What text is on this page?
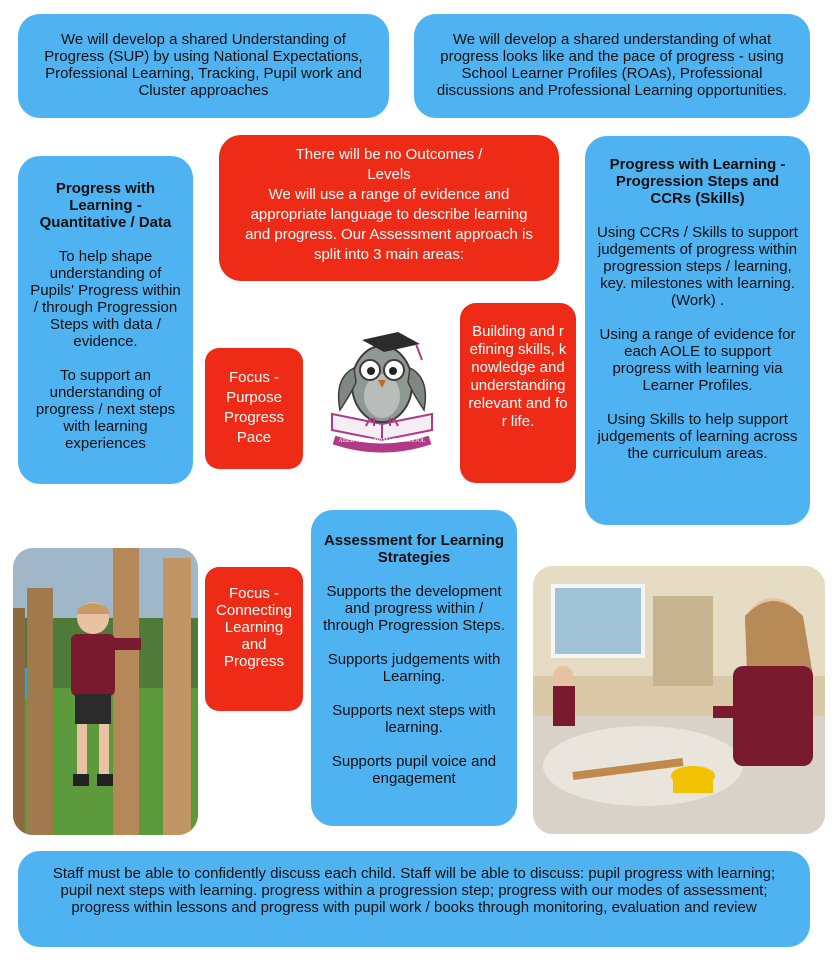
We will develop a shared Understanding of Progress (SUP) by using National Expectations, Professional Learning, Tracking, Pupil work and Cluster approaches

We will develop a shared understanding of what progress looks like and the pace of progress - using School Learner Profiles (ROAs), Professional discussions and Professional Learning opportunities.

There will be no Outcomes /

Levels

We will use a range of evidence and appropriate language to describe learning and progress. Our Assessment approach is split into 3 main areas:

Progress with Learning - Quantitative / Data

To help shape understanding of Pupils' Progress within / through Progression Steps with data / evidence.

To support an understanding of progress / next steps with learning experiences

Focus - Purpose Progress Pace	ABER ARTH PRIMARY SCHOOL

Building and refining skills, knowledge and understanding relevant and for life.

Progress with Learning - Progression Steps and CCRs (Skills)

Using CCRs / Skills to support judgements of progress within progression steps / learning, key. milestones with learning. (Work) .

Using a range of evidence for each AOLE to support progress with learning via Learner Profiles.

Using Skills to help support judgements of learning across the curriculum areas.

Focus - Connecting Learning and Progress

Assessment for Learning Strategies

Supports the development and progress within / through Progression Steps.

Supports judgements with Learning.

Supports next steps with learning.

Supports pupil voice and engagement

Staff must be able to confidently discuss each child. Staff will be able to discuss: pupil progress with learning; pupil next steps with learning. progress within a progression step; progress with our modes of assessment; progress within lessons and progress with pupil work / books through monitoring, evaluation and review
